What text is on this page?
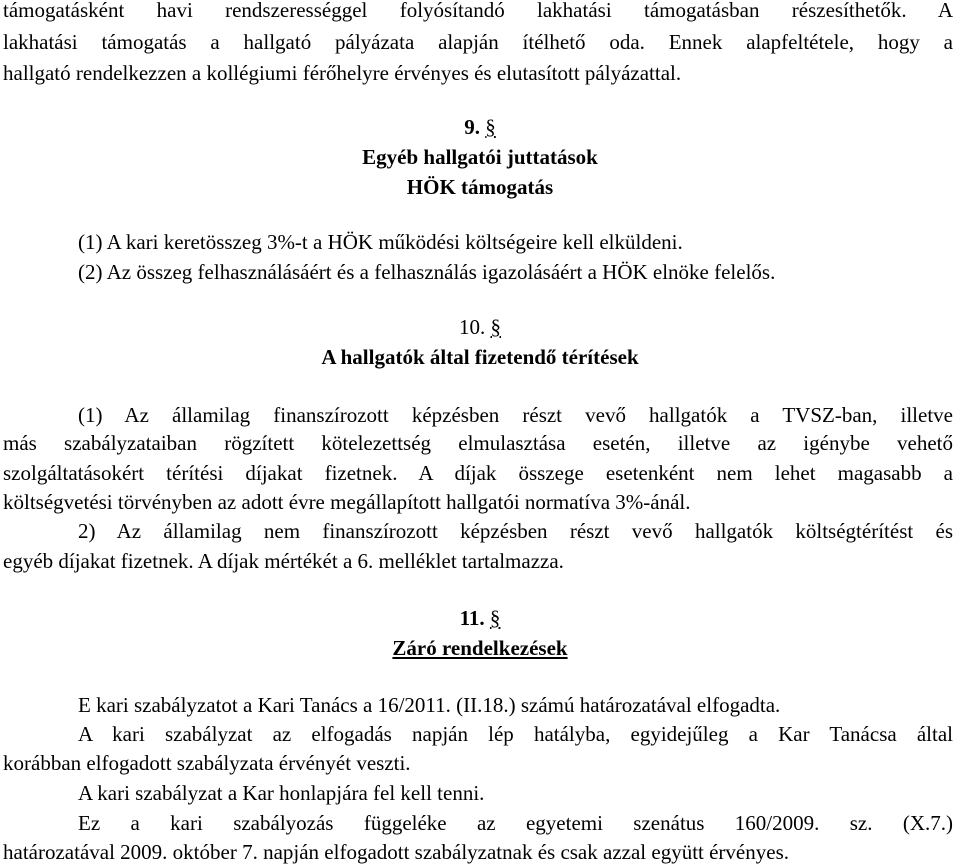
támogatásként havi rendszerességgel folyósítandó lakhatási támogatásban részesíthetők. A
lakhatási támogatás a hallgató pályázata alapján ítélhető oda. Ennek alapfeltétele, hogy a
hallgató rendelkezzen a kollégiumi férőhelyre érvényes és elutasított pályázattal.
9. §
Egyéb hallgatói juttatások
HÖK támogatás
(1) A kari keretösszeg 3%-t a HÖK működési költségeire kell elküldeni.
(2) Az összeg felhasználásáért és a felhasználás igazolásáért a HÖK elnöke felelős.
10. §
A hallgatók által fizetendő térítések
(1) Az államilag finanszírozott képzésben részt vevő hallgatók a TVSZ-ban, illetve
más szabályzataiban rögzített kötelezettség elmulasztása esetén, illetve az igénybe vehető
szolgáltatásokért térítési díjakat fizetnek. A díjak összege esetenként nem lehet magasabb a
költségvetési törvényben az adott évre megállapított hallgatói normatíva 3%-ánál.
2) Az államilag nem finanszírozott képzésben részt vevő hallgatók költségtérítést és
egyéb díjakat fizetnek. A díjak mértékét a 6. melléklet tartalmazza.
11. §
Záró rendelkezések
E kari szabályzatot a Kari Tanács a 16/2011. (II.18.) számú határozatával elfogadta.
A kari szabályzat az elfogadás napján lép hatályba, egyidejűleg a Kar Tanácsa által
korábban elfogadott szabályzata érvényét veszti.
A kari szabályzat a Kar honlapjára fel kell tenni.
Ez a kari szabályozás függeléke az egyetemi szenátus 160/2009. sz. (X.7.)
határozatával 2009. október 7. napján elfogadott szabályzatnak és csak azzal együtt érvényes.
